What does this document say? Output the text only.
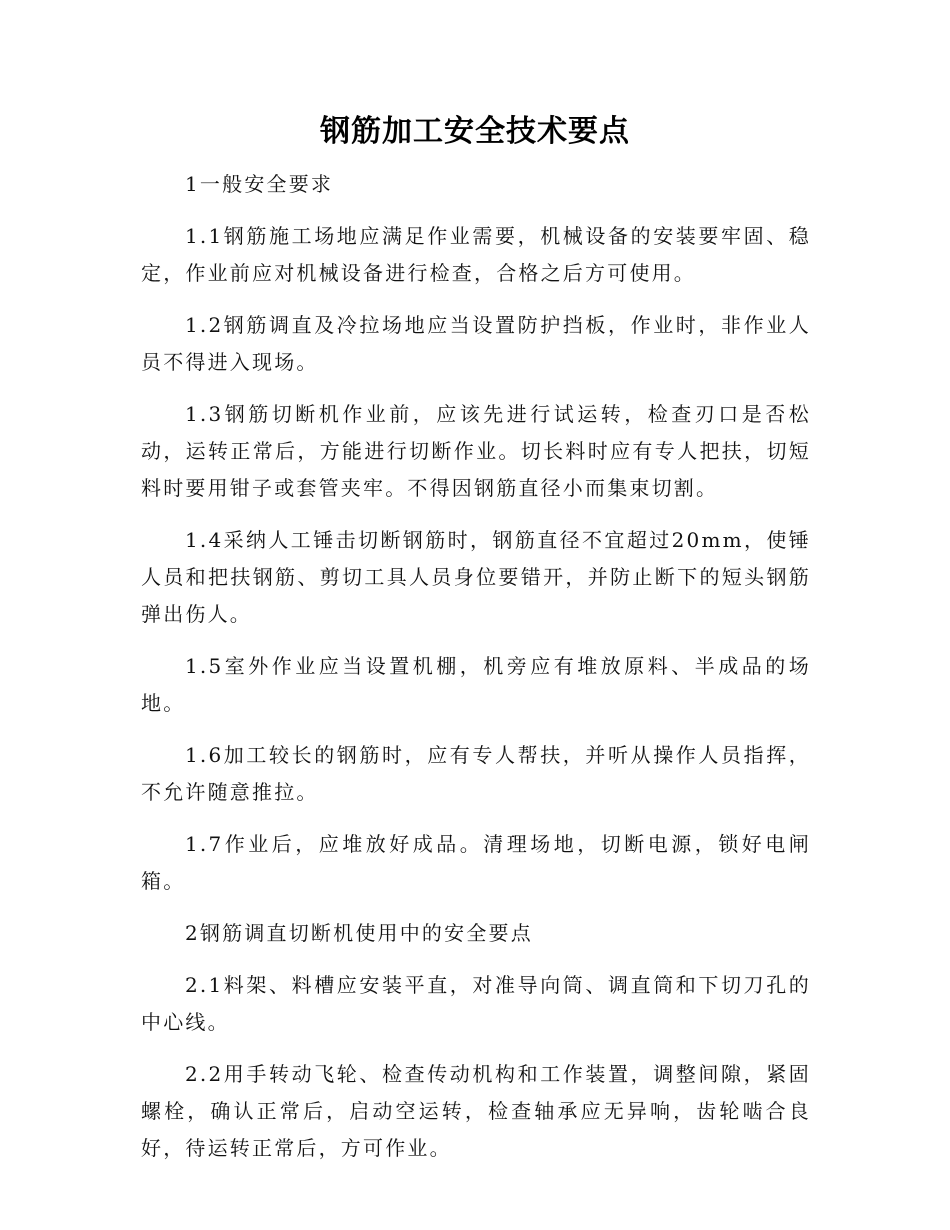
钢筋加工安全技术要点

1一般安全要求

1.1钢筋施工场地应满足作业需要，机械设备的安装要牢固、稳定，作业前应对机械设备进行检查，合格之后方可使用。

1.2钢筋调直及冷拉场地应当设置防护挡板，作业时，非作业人员不得进入现场。

1.3钢筋切断机作业前，应该先进行试运转，检查刃口是否松动，运转正常后，方能进行切断作业。切长料时应有专人把扶，切短料时要用钳子或套管夹牢。不得因钢筋直径小而集束切割。

1.4采纳人工锤击切断钢筋时，钢筋直径不宜超过20mm，使锤人员和把扶钢筋、剪切工具人员身位要错开，并防止断下的短头钢筋弹出伤人。

1.5室外作业应当设置机棚，机旁应有堆放原料、半成品的场地。

1.6加工较长的钢筋时，应有专人帮扶，并听从操作人员指挥，不允许随意推拉。

1.7作业后，应堆放好成品。清理场地，切断电源，锁好电闸箱。

2钢筋调直切断机使用中的安全要点

2.1料架、料槽应安装平直，对准导向筒、调直筒和下切刀孔的中心线。

2.2用手转动飞轮、检查传动机构和工作装置，调整间隙，紧固螺栓，确认正常后，启动空运转，检查轴承应无异响，齿轮啮合良好，待运转正常后，方可作业。
